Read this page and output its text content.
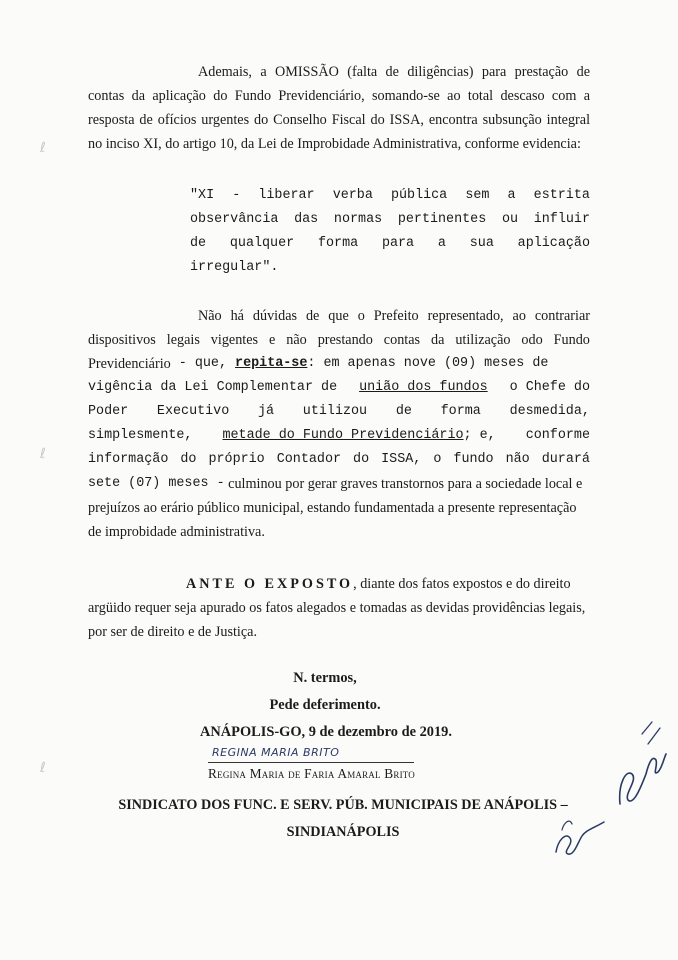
ℓ
ℓ
ℓ
Ademais, a OMISSÃO (falta de diligências) para prestação de contas da aplicação do Fundo Previdenciário, somando-se ao total descaso com a resposta de ofícios urgentes do Conselho Fiscal do ISSA, encontra subsunção integral no inciso XI, do artigo 10, da Lei de Improbidade Administrativa, conforme evidencia:
"XI - liberar verba pública sem a estrita
observância das normas pertinentes ou influir
de qualquer forma para a sua aplicação
irregular".
Não há dúvidas de que o Prefeito representado, ao contrariar
dispositivos legais vigentes e não prestando contas da utilização odo Fundo
Previdenciário
- que,
repita-se : em apenas nove (09) meses de
vigência da Lei Complementar de união dos fundos o Chefe do
Poder Executivo já utilizou de forma desmedida,
simplesmente, metade do Fundo Previdenciário; e, conforme
informação do próprio Contador do ISSA, o fundo não durará
sete (07) meses -
culminou por gerar graves transtornos para a sociedade local e
prejuízos ao erário público municipal, estando fundamentada a presente representação
de improbidade administrativa.
ANTE O EXPOSTO , diante dos fatos expostos e do direito
argüido requer seja apurado os fatos alegados e tomadas as devidas providências legais,
por ser de direito e de Justiça.
N. termos,
Pede deferimento.
ANÁPOLIS-GO, 9 de dezembro de 2019.
REGINA MARIA BRITO
Regina Maria de Faria Amaral Brito
SINDICATO DOS FUNC. E SERV. PÚB. MUNICIPAIS DE ANÁPOLIS –
SINDIANÁPOLIS
